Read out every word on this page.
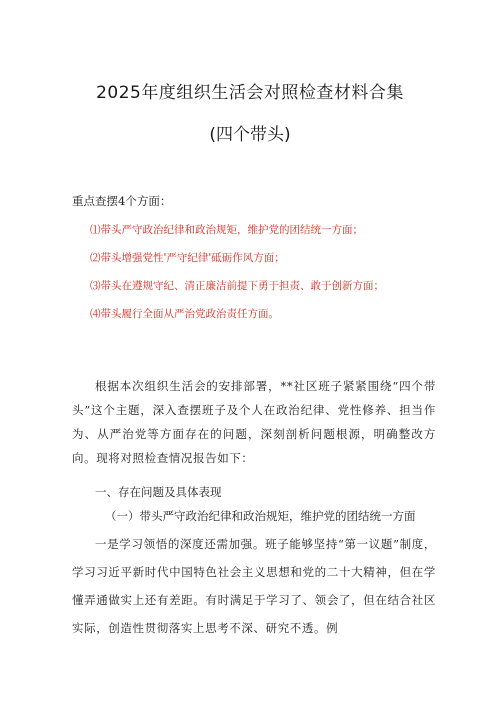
2025年度组织生活会对照检查材料合集
(四个带头)
重点查摆4个方面：
⑴带头严守政治纪律和政治规矩，维护党的团结统一方面；
⑵带头增强党性'严守纪律'砥砺作风方面；
⑶带头在遵规守纪、清正廉洁前提下勇于担责、敢于创新方面；
⑷带头履行全面从严治党政治责任方面。

根据本次组织生活会的安排部署，**社区班子紧紧围绕“四个带头”这个主题，深入查摆班子及个人在政治纪律、党性修养、担当作为、从严治党等方面存在的问题，深刻剖析问题根源，明确整改方向。现将对照检查情况报告如下：

一、存在问题及具体表现
（一）带头严守政治纪律和政治规矩，维护党的团结统一方面

一是学习领悟的深度还需加强。班子能够坚持“第一议题”制度，学习习近平新时代中国特色社会主义思想和党的二十大精神，但在学懂弄通做实上还有差距。有时满足于学习了、领会了，但在结合社区实际，创造性贯彻落实上思考不深、研究不透。例
